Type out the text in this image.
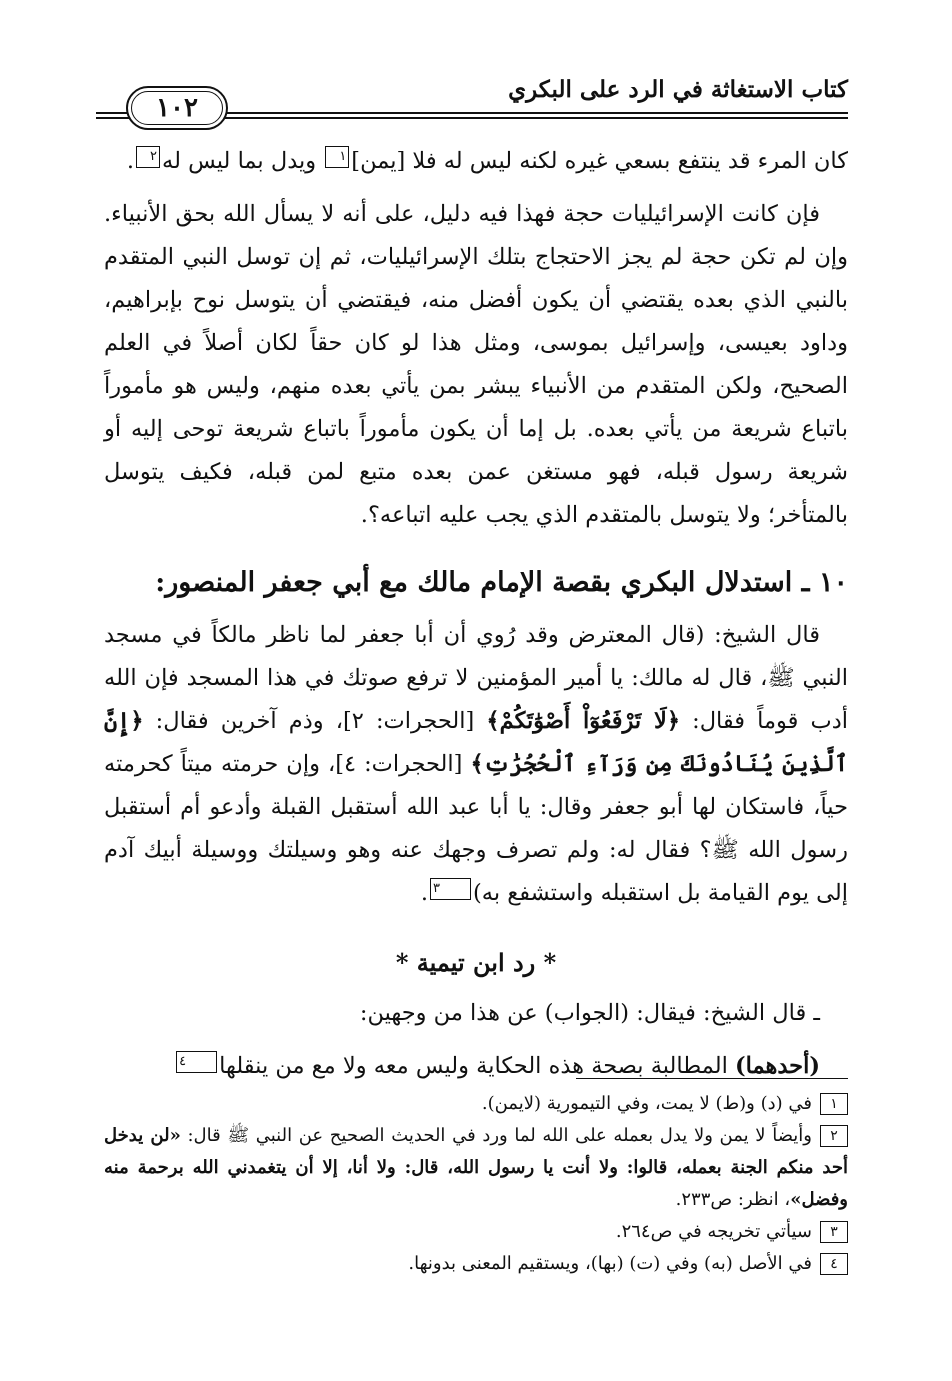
كتاب الاستغاثة في الرد على البكري
١٠٢

كان المرء قد ينتفع بسعي غيره لكنه ليس له فلا [يمن]١ ويدل بما ليس له٢.

فإن كانت الإسرائيليات حجة فهذا فيه دليل، على أنه لا يسأل الله بحق الأنبياء. وإن لم تكن حجة لم يجز الاحتجاج بتلك الإسرائيليات، ثم إن توسل النبي المتقدم بالنبي الذي بعده يقتضي أن يكون أفضل منه، فيقتضي أن يتوسل نوح بإبراهيم، وداود بعيسى، وإسرائيل بموسى، ومثل هذا لو كان حقاً لكان أصلاً في العلم الصحيح، ولكن المتقدم من الأنبياء يبشر بمن يأتي بعده منهم، وليس هو مأموراً باتباع شريعة من يأتي بعده. بل إما أن يكون مأموراً باتباع شريعة توحى إليه أو شريعة رسول قبله، فهو مستغن عمن بعده متبع لمن قبله، فكيف يتوسل بالمتأخر؛ ولا يتوسل بالمتقدم الذي يجب عليه اتباعه؟.

١٠ ـ استدلال البكري بقصة الإمام مالك مع أبي جعفر المنصور:

قال الشيخ: (قال المعترض وقد رُوي أن أبا جعفر لما ناظر مالكاً في مسجد النبي ﷺ، قال له مالك: يا أمير المؤمنين لا ترفع صوتك في هذا المسجد فإن الله أدب قوماً فقال: ﴿لَا تَرْفَعُوٓاْ أَصْوَٰتَكُمْ﴾ [الحجرات: ٢]، وذم آخرين فقال: ﴿إِنَّ ٱلَّذِينَ يُنَادُونَكَ مِن وَرَآءِ ٱلْحُجُرَٰتِ﴾ [الحجرات: ٤]، وإن حرمته ميتاً كحرمته حياً، فاستكان لها أبو جعفر وقال: يا أبا عبد الله أستقبل القبلة وأدعو أم أستقبل رسول الله ﷺ؟ فقال له: ولم تصرف وجهك عنه وهو وسيلتك ووسيلة أبيك آدم إلى يوم القيامة بل استقبله واستشفع به)٣.

* رد ابن تيمية *

ـ قال الشيخ: فيقال: (الجواب) عن هذا من وجهين:

(أحدهما) المطالبة بصحة هذه الحكاية وليس معه ولا مع من ينقلها٤

١في (د) و(ط) لا يمت، وفي التيمورية (لايمن).

٢وأيضاً لا يمن ولا يدل بعمله على الله لما ورد في الحديث الصحيح عن النبي ﷺ قال: «لن يدخل أحد منكم الجنة بعمله، قالوا: ولا أنت يا رسول الله، قال: ولا أنا، إلا أن يتغمدني الله برحمة منه وفضل»، انظر: ص٢٣٣.

٣سيأتي تخريجه في ص٢٦٤.

٤في الأصل (به) وفي (ت) (بها)، ويستقيم المعنى بدونها.
